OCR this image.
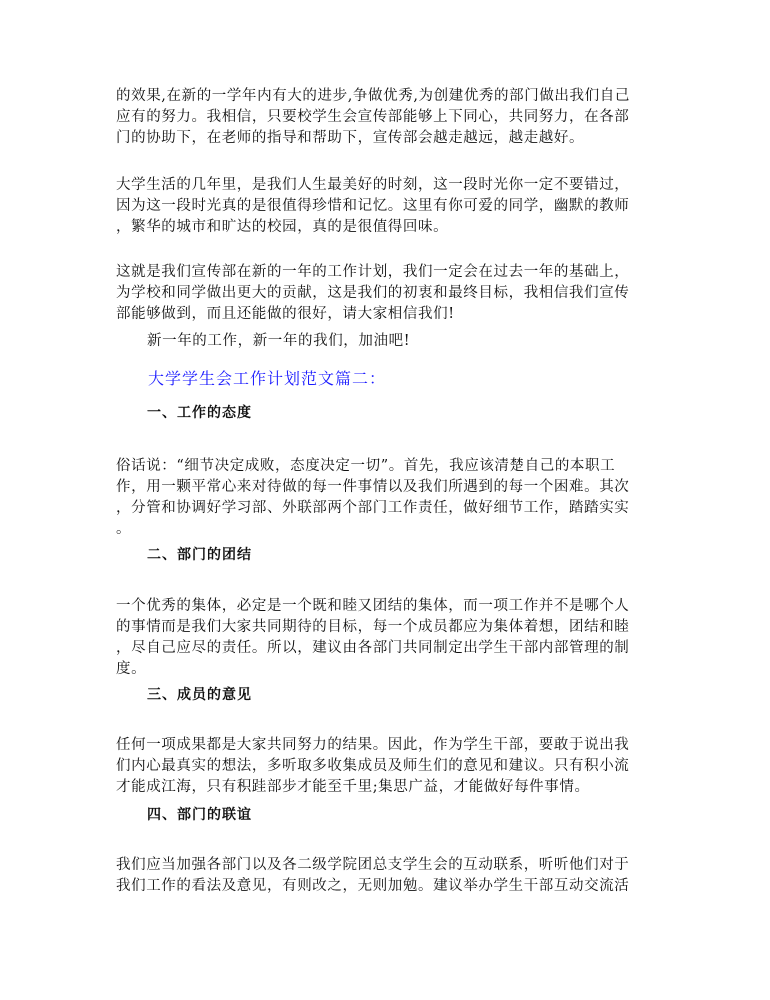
的效果,在新的一学年内有大的进步,争做优秀,为创建优秀的部门做出我们自己
应有的努力。我相信，只要校学生会宣传部能够上下同心，共同努力，在各部
门的协助下，在老师的指导和帮助下，宣传部会越走越远，越走越好。

大学生活的几年里，是我们人生最美好的时刻，这一段时光你一定不要错过，
因为这一段时光真的是很值得珍惜和记忆。这里有你可爱的同学，幽默的教师
，繁华的城市和旷达的校园，真的是很值得回味。

这就是我们宣传部在新的一年的工作计划，我们一定会在过去一年的基础上，
为学校和同学做出更大的贡献，这是我们的初衷和最终目标，我相信我们宣传
部能够做到，而且还能做的很好，请大家相信我们!

新一年的工作，新一年的我们，加油吧!

大学学生会工作计划范文篇二：

一、工作的态度

俗话说：“细节决定成败，态度决定一切”。首先，我应该清楚自己的本职工
作，用一颗平常心来对待做的每一件事情以及我们所遇到的每一个困难。其次
，分管和协调好学习部、外联部两个部门工作责任，做好细节工作，踏踏实实
。

二、部门的团结

一个优秀的集体，必定是一个既和睦又团结的集体，而一项工作并不是哪个人
的事情而是我们大家共同期待的目标，每一个成员都应为集体着想，团结和睦
，尽自己应尽的责任。所以，建议由各部门共同制定出学生干部内部管理的制
度。

三、成员的意见

任何一项成果都是大家共同努力的结果。因此，作为学生干部，要敢于说出我
们内心最真实的想法，多听取多收集成员及师生们的意见和建议。只有积小流
才能成江海，只有积跬部步才能至千里;集思广益，才能做好每件事情。

四、部门的联谊

我们应当加强各部门以及各二级学院团总支学生会的互动联系，听听他们对于
我们工作的看法及意见，有则改之，无则加勉。建议举办学生干部互动交流活
